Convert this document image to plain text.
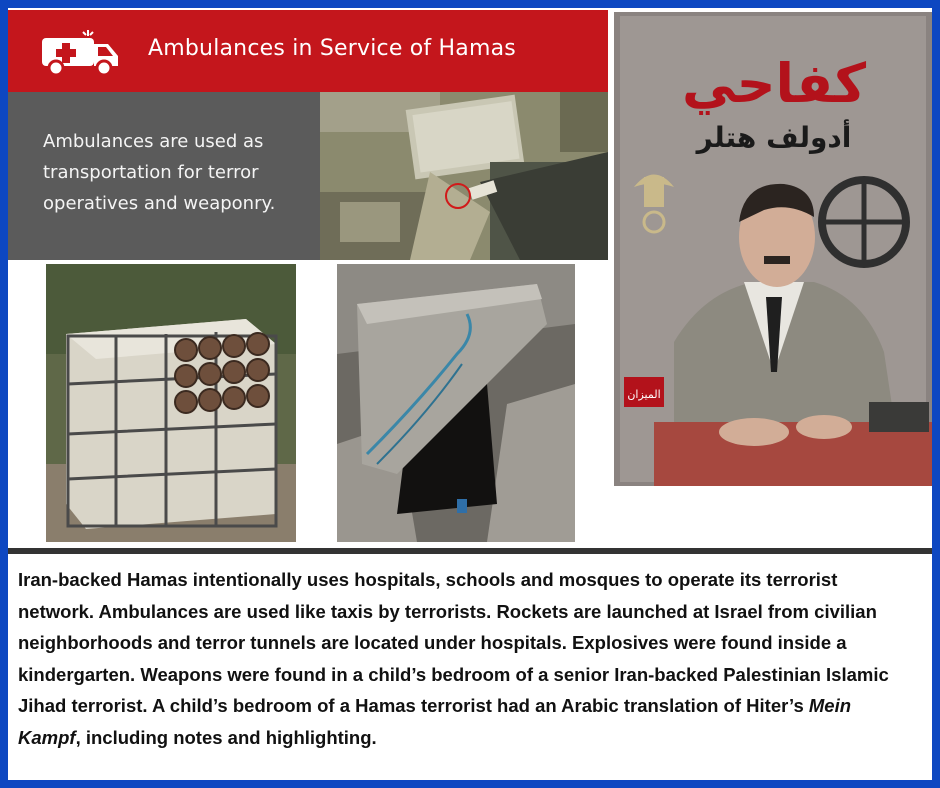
Ambulances in Service of Hamas
Ambulances are used as transportation for terror operatives and weaponry.
كفاحي
أدولف هتلر
الميزان
Iran-backed Hamas intentionally uses hospitals, schools and mosques to operate its terrorist network. Ambulances are used like taxis by terrorists. Rockets are launched at Israel from civilian neighborhoods and terror tunnels are located under hospitals. Explosives were found inside a kindergarten. Weapons were found in a child’s bedroom of a senior Iran-backed Palestinian Islamic Jihad terrorist. A child’s bedroom of a Hamas terrorist had an Arabic translation of Hiter’s Mein Kampf, including notes and highlighting.
